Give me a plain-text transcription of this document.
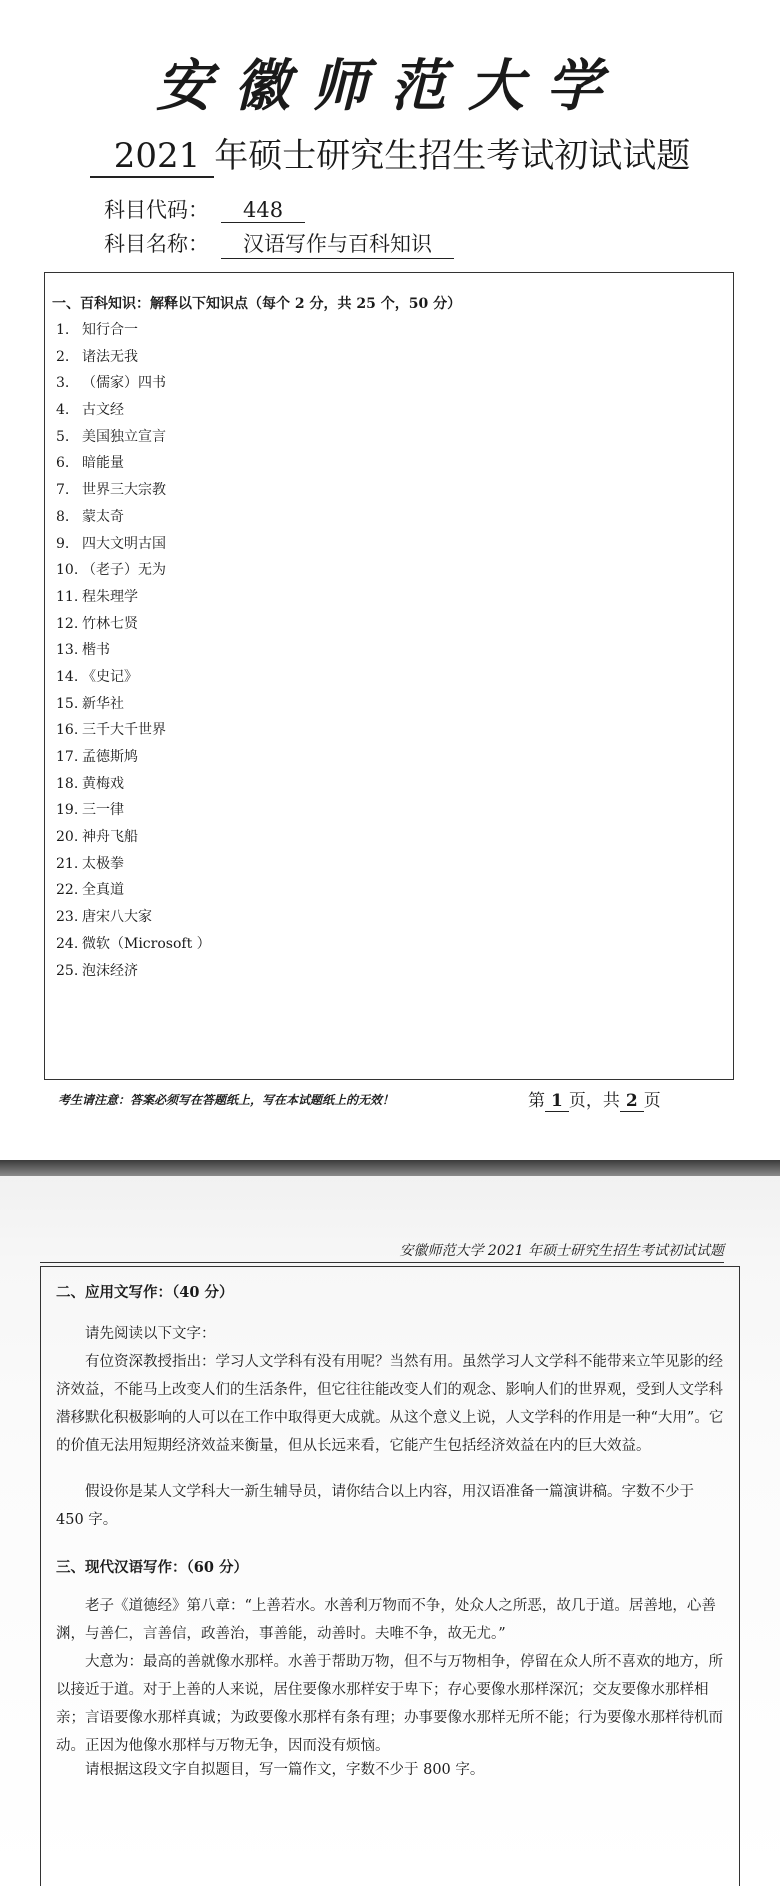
安徽师范大学
2021 年硕士研究生招生考试初试试题
科目代码： 448
科目名称： 汉语写作与百科知识
一、百科知识：解释以下知识点（每个 2 分，共 25 个，50 分）
1. 知行合一
2. 诸法无我
3. （儒家）四书
4. 古文经
5. 美国独立宣言
6. 暗能量
7. 世界三大宗教
8. 蒙太奇
9. 四大文明古国
10. （老子）无为
11. 程朱理学
12. 竹林七贤
13. 楷书
14. 《史记》
15. 新华社
16. 三千大千世界
17. 孟德斯鸠
18. 黄梅戏
19. 三一律
20. 神舟飞船
21. 太极拳
22. 全真道
23. 唐宋八大家
24. 微软（Microsoft ）
25. 泡沫经济
考生请注意：答案必须写在答题纸上，写在本试题纸上的无效！	第 1 页，共 2 页
安徽师范大学 2021 年硕士研究生招生考试初试试题
二、应用文写作：（40 分）

请先阅读以下文字：

有位资深教授指出：学习人文学科有没有用呢？当然有用。虽然学习人文学科不能带来立竿见影的经济效益，不能马上改变人们的生活条件，但它往往能改变人们的观念、影响人们的世界观，受到人文学科潜移默化积极影响的人可以在工作中取得更大成就。从这个意义上说，人文学科的作用是一种“大用”。它的价值无法用短期经济效益来衡量，但从长远来看，它能产生包括经济效益在内的巨大效益。

假设你是某人文学科大一新生辅导员，请你结合以上内容，用汉语准备一篇演讲稿。字数不少于 450 字。

三、现代汉语写作：（60 分）

老子《道德经》第八章：“上善若水。水善利万物而不争，处众人之所恶，故几于道。居善地，心善渊，与善仁，言善信，政善治，事善能，动善时。夫唯不争，故无尤。”

大意为：最高的善就像水那样。水善于帮助万物，但不与万物相争，停留在众人所不喜欢的地方，所以接近于道。对于上善的人来说，居住要像水那样安于卑下；存心要像水那样深沉；交友要像水那样相亲；言语要像水那样真诚；为政要像水那样有条有理；办事要像水那样无所不能；行为要像水那样待机而动。正因为他像水那样与万物无争，因而没有烦恼。

请根据这段文字自拟题目，写一篇作文，字数不少于 800 字。
